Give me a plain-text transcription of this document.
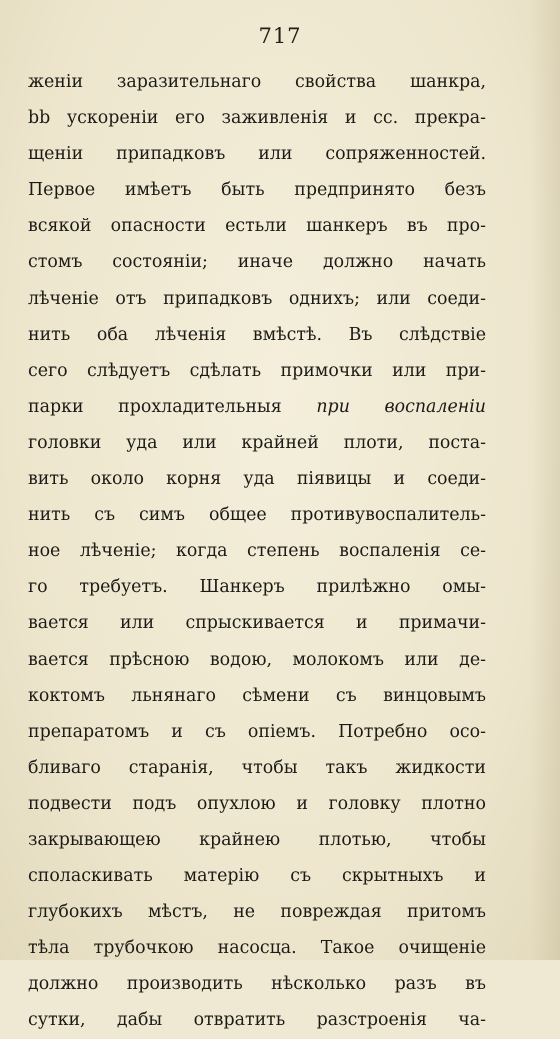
717
женіи заразительнаго свойства шанкра,
bb ускореніи его заживленія и cc. прекра-
щеніи припадковъ или сопряженностей.
Первое имѣетъ быть предпринято безъ
всякой опасности естьли шанкеръ въ про-
стомъ состояніи; иначе должно начать
лѣченіе отъ припадковъ однихъ; или соеди-
нить оба лѣченія вмѣстѣ. Въ слѣдствіе
сего слѣдуетъ сдѣлать примочки или при-
парки прохладительныя при воспаленіи
головки уда или крайней плоти, поста-
вить около корня уда піявицы и соеди-
нить съ симъ общее противувоспалитель-
ное лѣченіе; когда степень воспаленія се-
го требуетъ. Шанкеръ прилѣжно омы-
вается или спрыскивается и примачи-
вается прѣсною водою, молокомъ или де-
коктомъ льнянаго сѣмени съ винцовымъ
препаратомъ и съ опіемъ. Потребно осо-
бливаго старанія, чтобы такъ жидкости
подвести подъ опухлою и головку плотно
закрывающею крайнею плотью, чтобы
споласкивать матерію съ скрытныхъ и
глубокихъ мѣстъ, не повреждая притомъ
тѣла трубочкою насосца. Такое очищеніе
должно производить нѣсколько разъ въ
сутки, дабы отвратить разстроенія ча-
